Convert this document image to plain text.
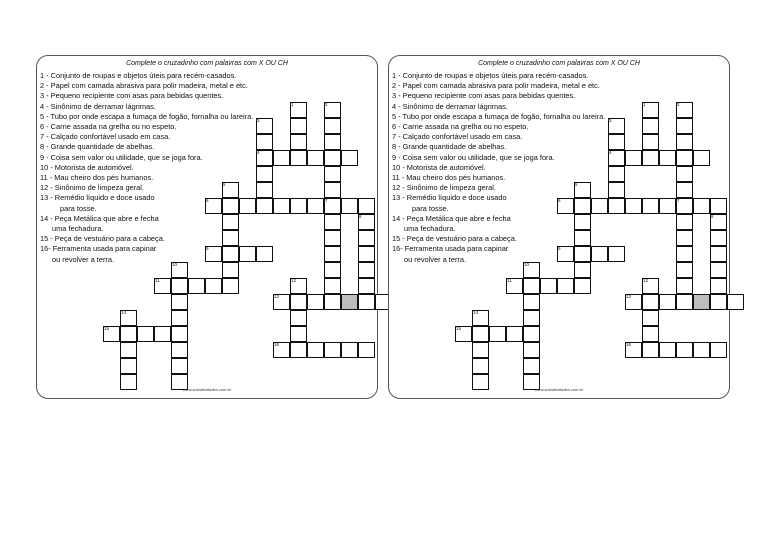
Complete o cruzadinho com palavras com X OU CH
1 - Conjunto de roupas e objetos úteis para recém-casados.
2 - Papel com camada abrasiva para polir madeira, metal e etc.
3 - Pequeno recipiente com asas para bebidas quentes.
4 - Sinônimo de derramar lágrimas.
5 - Tubo por onde escapa a fumaça de fogão, fornalha ou lareira.
6 - Carne assada na grelha ou no espeto.
7 - Calçado confortável usado em casa.
8 - Grande quantidade de abelhas.
9 - Coisa sem valor ou utilidade, que se joga fora.
10 - Motorista de automóvel.
11 - Mau cheiro dos pés humanos.
12 - Sinônimo de limpeza geral.
13 - Remédio líquido e doce usado
para tosse.
14 - Peça Metálica que abre e fecha
uma fechadura.
15 - Peça de vestuário para a cabeça.
16- Ferramenta usada para capinar
ou revolver a terra.
1	2
3
4
5
6	7
8
9
10
11	12
13
14
15
16
www.soloatividades.com.br
Complete o cruzadinho com palavras com X OU CH
1 - Conjunto de roupas e objetos úteis para recém-casados.
2 - Papel com camada abrasiva para polir madeira, metal e etc.
3 - Pequeno recipiente com asas para bebidas quentes.
4 - Sinônimo de derramar lágrimas.
5 - Tubo por onde escapa a fumaça de fogão, fornalha ou lareira.
6 - Carne assada na grelha ou no espeto.
7 - Calçado confortável usado em casa.
8 - Grande quantidade de abelhas.
9 - Coisa sem valor ou utilidade, que se joga fora.
10 - Motorista de automóvel.
11 - Mau cheiro dos pés humanos.
12 - Sinônimo de limpeza geral.
13 - Remédio líquido e doce usado
para tosse.
14 - Peça Metálica que abre e fecha
uma fechadura.
15 - Peça de vestuário para a cabeça.
16- Ferramenta usada para capinar
ou revolver a terra.
1	2
3
4
5
6	7
8
9
10
11	12
13
14
15
16
www.soloatividades.com.br
